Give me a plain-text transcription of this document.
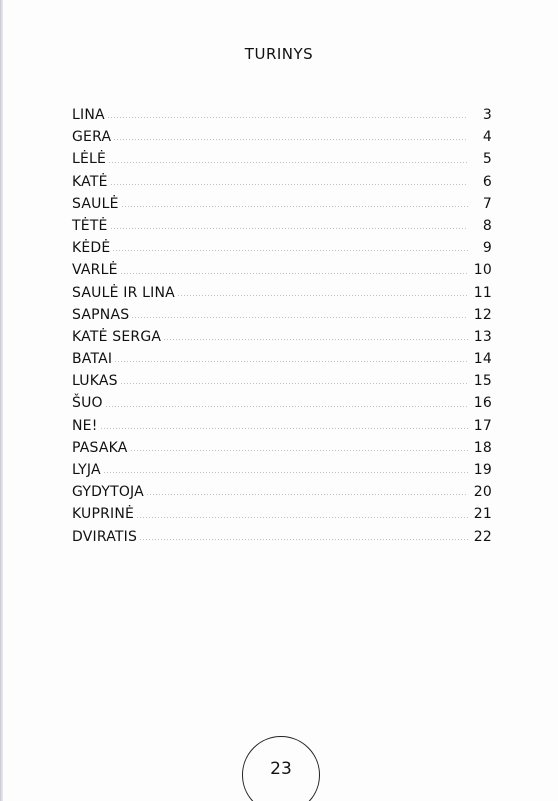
TURINYS
LINA	3
GERA	4
LĖLĖ	5
KATĖ	6
SAULĖ	7
TĖTĖ	8
KĖDĖ	9
VARLĖ	10
SAULĖ IR LINA	11
SAPNAS	12
KATĖ SERGA	13
BATAI	14
LUKAS	15
ŠUO	16
NE!	17
PASAKA	18
LYJA	19
GYDYTOJA	20
KUPRINĖ	21
DVIRATIS	22
23
